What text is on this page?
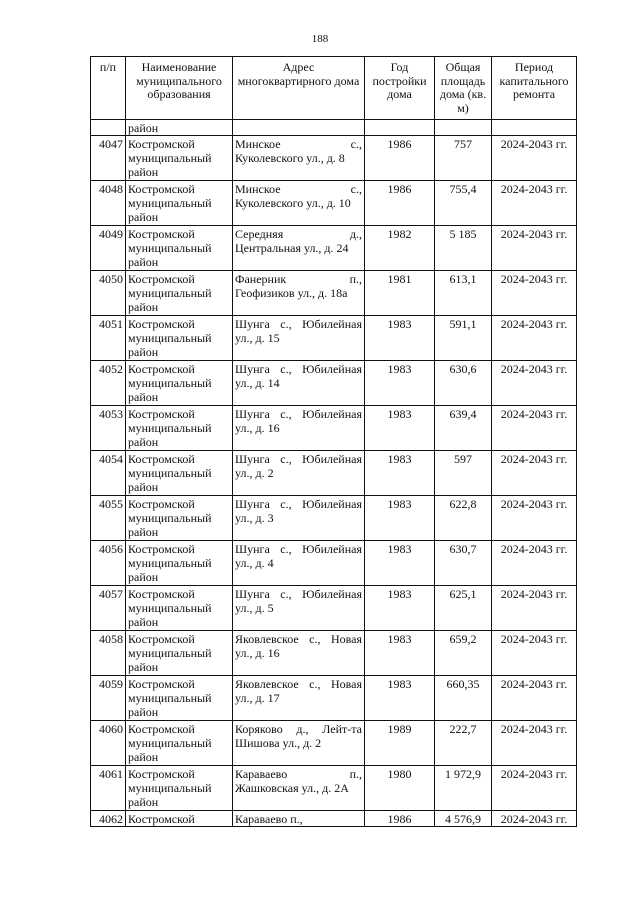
188
п/п	Наименование муниципального образования	Адрес многоквартирного дома	Год постройки дома	Общая площадь дома (кв. м)	Период капитального ремонта
	район				
4047	Костромской муниципальный район	Минское с., Куколевского ул., д. 8	1986	757	2024-2043 гг.
4048	Костромской муниципальный район	Минское с., Куколевского ул., д. 10	1986	755,4	2024-2043 гг.
4049	Костромской муниципальный район	Середняя д., Центральная ул., д. 24	1982	5 185	2024-2043 гг.
4050	Костромской муниципальный район	Фанерник п., Геофизиков ул., д. 18а	1981	613,1	2024-2043 гг.
4051	Костромской муниципальный район	Шунга с., Юбилейная ул., д. 15	1983	591,1	2024-2043 гг.
4052	Костромской муниципальный район	Шунга с., Юбилейная ул., д. 14	1983	630,6	2024-2043 гг.
4053	Костромской муниципальный район	Шунга с., Юбилейная ул., д. 16	1983	639,4	2024-2043 гг.
4054	Костромской муниципальный район	Шунга с., Юбилейная ул., д. 2	1983	597	2024-2043 гг.
4055	Костромской муниципальный район	Шунга с., Юбилейная ул., д. 3	1983	622,8	2024-2043 гг.
4056	Костромской муниципальный район	Шунга с., Юбилейная ул., д. 4	1983	630,7	2024-2043 гг.
4057	Костромской муниципальный район	Шунга с., Юбилейная ул., д. 5	1983	625,1	2024-2043 гг.
4058	Костромской муниципальный район	Яковлевское с., Новая ул., д. 16	1983	659,2	2024-2043 гг.
4059	Костромской муниципальный район	Яковлевское с., Новая ул., д. 17	1983	660,35	2024-2043 гг.
4060	Костромской муниципальный район	Коряково д., Лейт-та Шишова ул., д. 2	1989	222,7	2024-2043 гг.
4061	Костромской муниципальный район	Караваево п., Жашковская ул., д. 2А	1980	1 972,9	2024-2043 гг.
4062	Костромской	Караваево п.,	1986	4 576,9	2024-2043 гг.
